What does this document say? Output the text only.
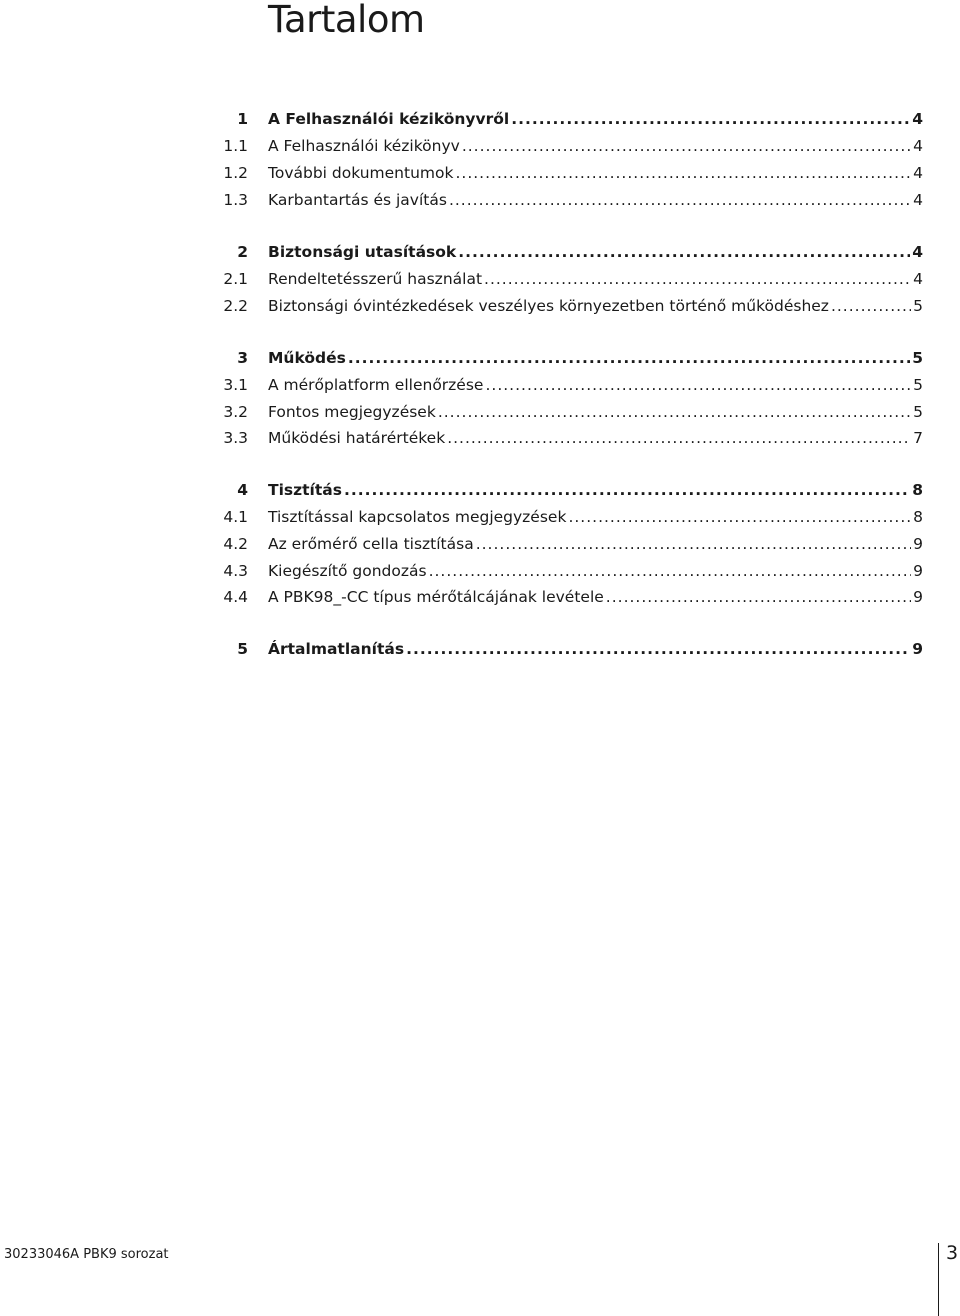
Tartalom
1 A Felhasználói kézikönyvről .....	4
1.1 A Felhasználói kézikönyv .....	4
1.2 További dokumentumok .....	4
1.3 Karbantartás és javítás .....	4
2 Biztonsági utasítások .....	4
2.1 Rendeltetésszerű használat .....	4
2.2 Biztonsági óvintézkedések veszélyes környezetben történő működéshez .....	5
3 Működés .....	5
3.1 A mérőplatform ellenőrzése .....	5
3.2 Fontos megjegyzések .....	5
3.3 Működési határértékek .....	7
4 Tisztítás .....	8
4.1 Tisztítással kapcsolatos megjegyzések .....	8
4.2 Az erőmérő cella tisztítása .....	9
4.3 Kiegészítő gondozás .....	9
4.4 A PBK98_-CC típus mérőtálcájának levétele .....	9
5 Ártalmatlanítás .....	9
30233046A PBK9 sorozat	3
